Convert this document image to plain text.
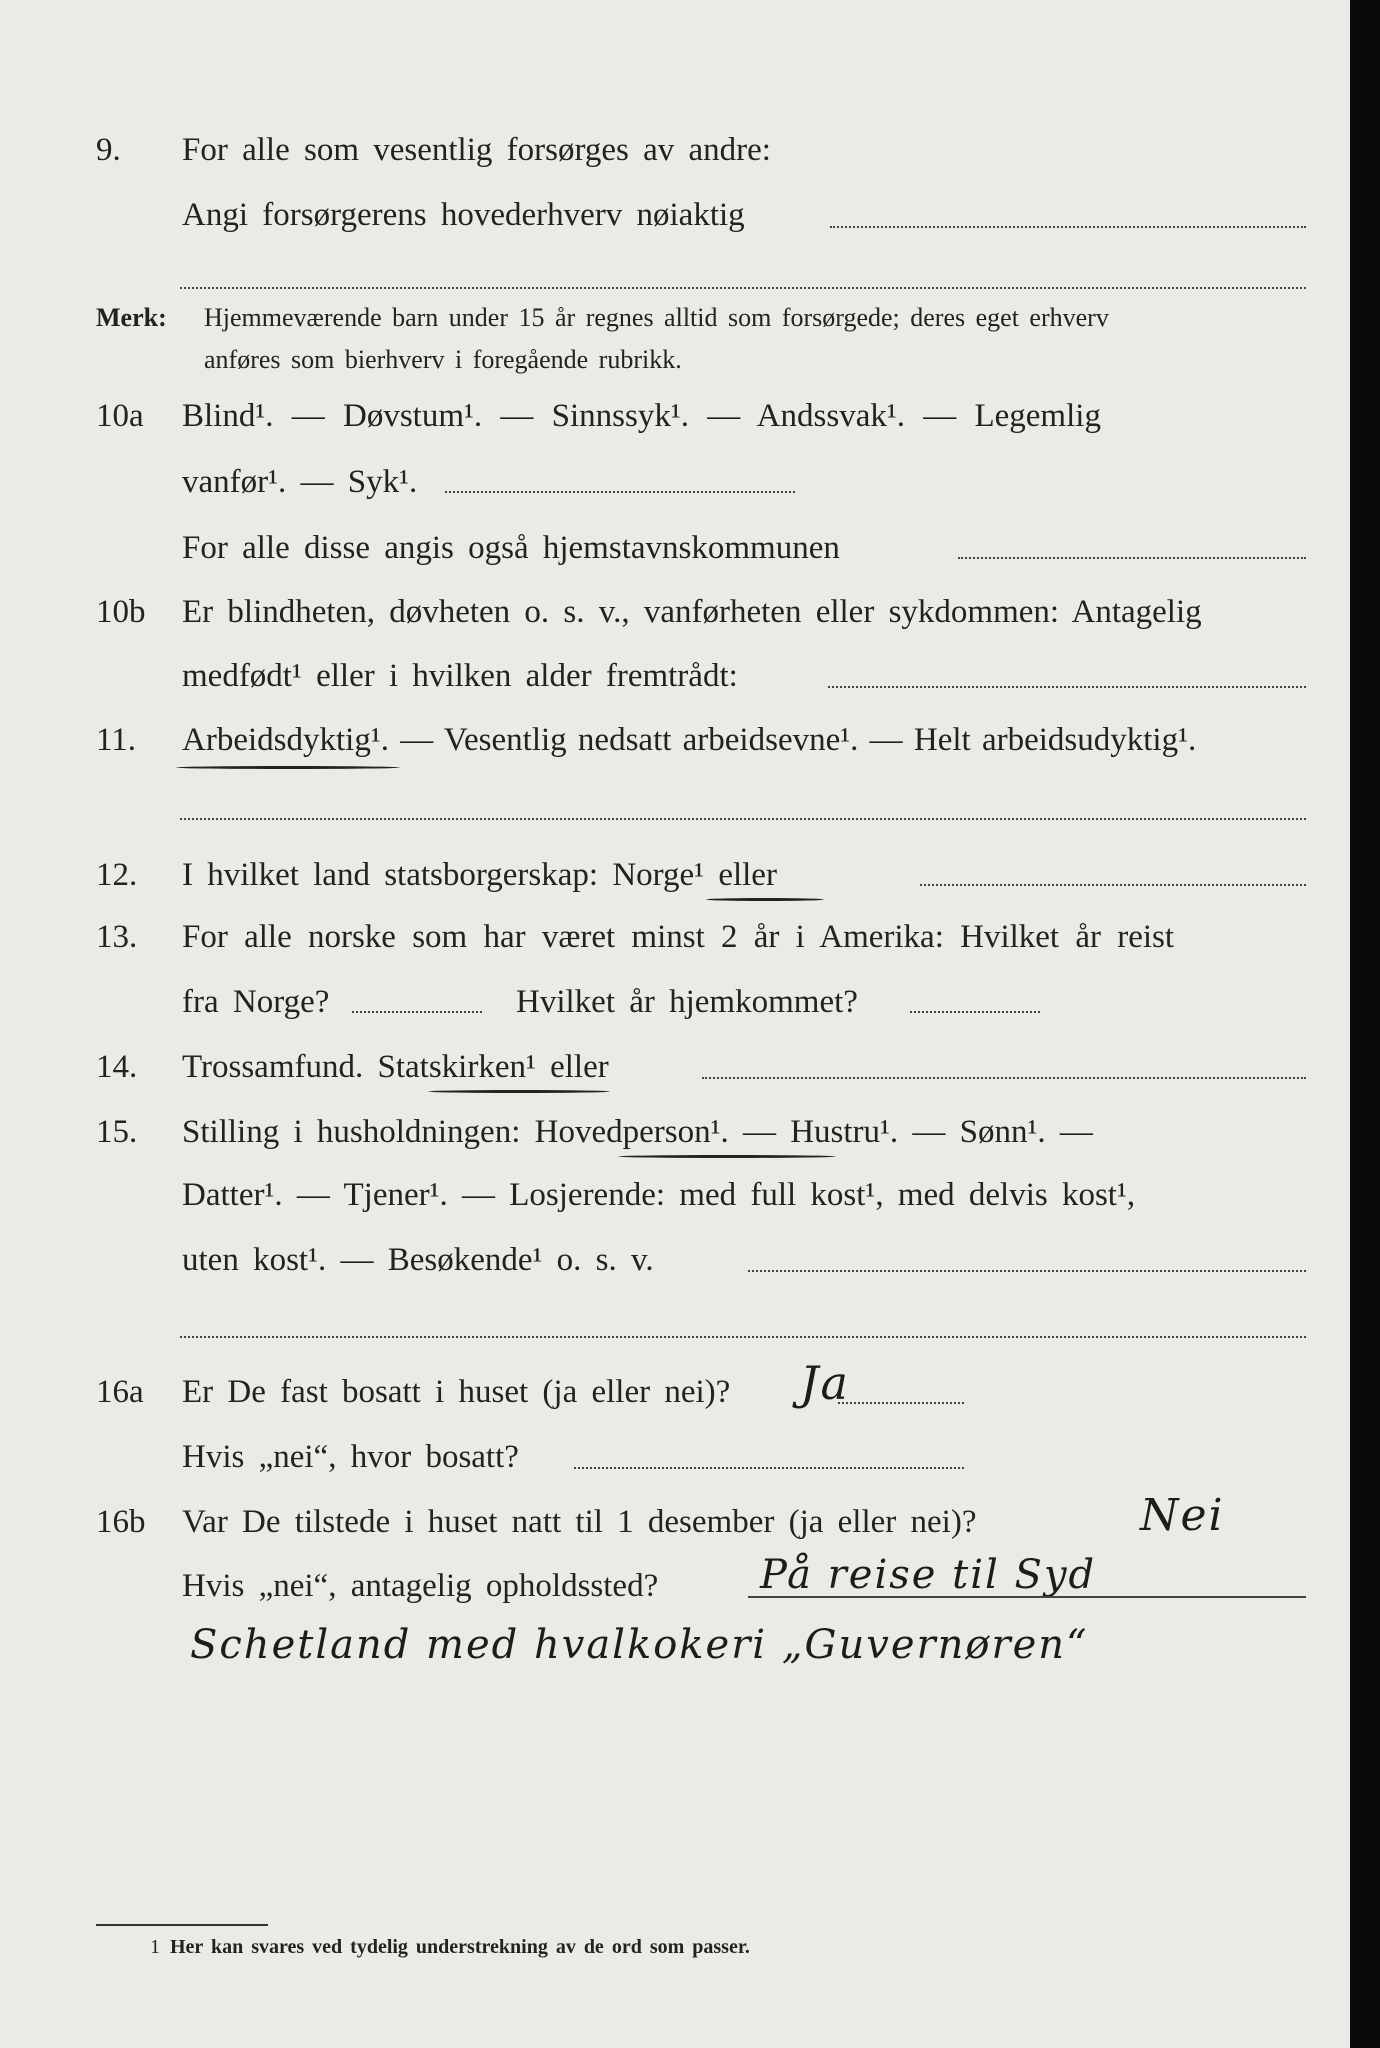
9.	For alle som vesentlig forsørges av andre:
Angi forsørgerens hovederhverv nøiaktig
Merk: Hjemmeværende barn under 15 år regnes alltid som forsørgede; deres eget erhverv
anføres som bierhverv i foregående rubrikk.
10a	Blind¹. — Døvstum¹. — Sinnssyk¹. — Andssvak¹. — Legemlig
vanfør¹. — Syk¹.
For alle disse angis også hjemstavnskommunen
10b	Er blindheten, døvheten o. s. v., vanførheten eller sykdommen: Antagelig
medfødt¹ eller i hvilken alder fremtrådt:
11.	Arbeidsdyktig¹. — Vesentlig nedsatt arbeidsevne¹. — Helt arbeidsudyktig¹.
12.	I hvilket land statsborgerskap: Norge¹ eller
13.	For alle norske som har været minst 2 år i Amerika: Hvilket år reist
fra Norge?	Hvilket år hjemkommet?
14.	Trossamfund. Statskirken¹ eller
15.	Stilling i husholdningen: Hovedperson¹. — Hustru¹. — Sønn¹. —
Datter¹. — Tjener¹. — Losjerende: med full kost¹, med delvis kost¹,
uten kost¹. — Besøkende¹ o. s. v.
16a	Er De fast bosatt i huset (ja eller nei)? Ja
Hvis „nei“, hvor bosatt?
16b	Var De tilstede i huset natt til 1 desember (ja eller nei)?	Nei
Hvis „nei“, antagelig opholdssted?	På reise til Syd
Schetland med hvalkokeri „Guvernøren“
1 Her kan svares ved tydelig understrekning av de ord som passer.
